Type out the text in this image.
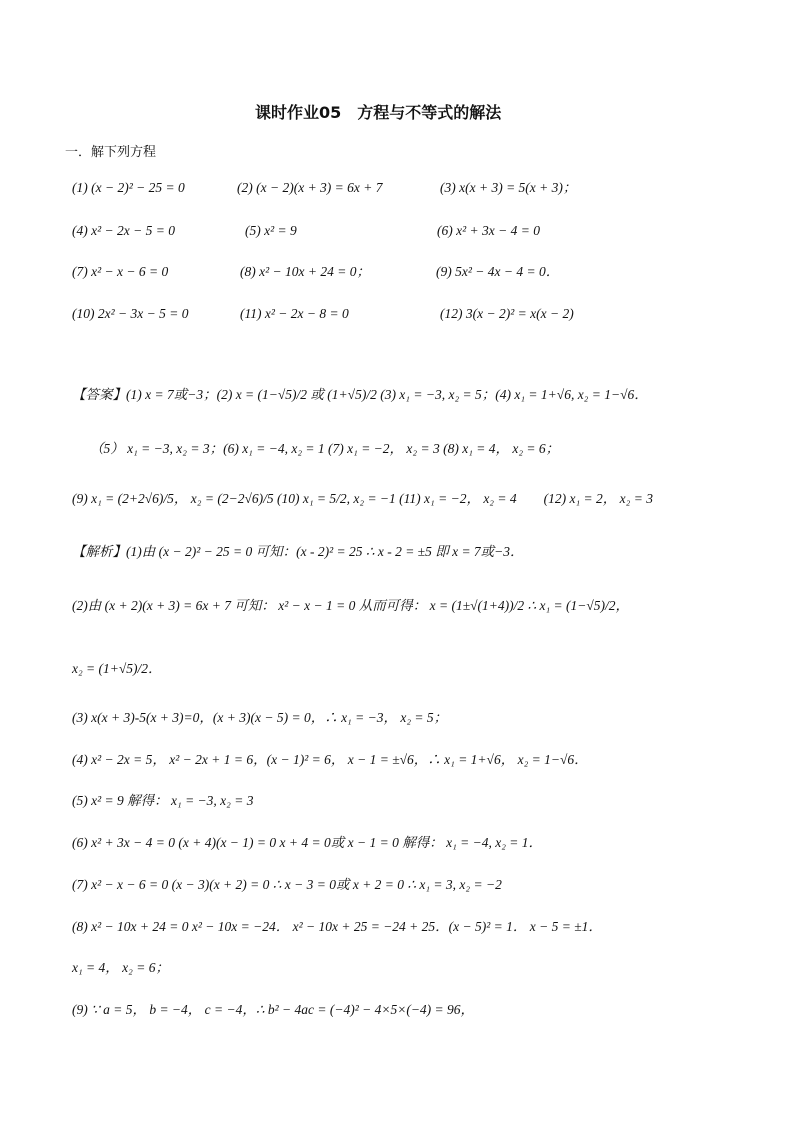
课时作业05　方程与不等式的解法
一．解下列方程
(1) (x − 2)² − 25 = 0	(2) (x − 2)(x + 3) = 6x + 7	(3) x(x + 3) = 5(x + 3)；
(4) x² − 2x − 5 = 0	(5) x² = 9	(6) x² + 3x − 4 = 0
(7) x² − x − 6 = 0	(8) x² − 10x + 24 = 0；	(9) 5x² − 4x − 4 = 0．
(10) 2x² − 3x − 5 = 0	(11) x² − 2x − 8 = 0	(12) 3(x − 2)² = x(x − 2)
【答案】(1) x = 7或−3；(2) x = (1−√5)/2 或 (1+√5)/2 (3) x₁ = −3, x₂ = 5；(4) x₁ = 1+√6, x₂ = 1−√6．
（5） x₁ = −3, x₂ = 3；(6) x₁ = −4, x₂ = 1 (7) x₁ = −2， x₂ = 3 (8) x₁ = 4， x₂ = 6；
(9) x₁ = (2+2√6)/5， x₂ = (2−2√6)/5 (10) x₁ = 5/2, x₂ = −1 (11) x₁ = −2， x₂ = 4　　(12) x₁ = 2， x₂ = 3
【解析】(1)由 (x − 2)² − 25 = 0 可知：(x - 2)² = 25 ∴ x - 2 = ±5 即 x = 7或−3．
(2)由 (x + 2)(x + 3) = 6x + 7 可知： x² − x − 1 = 0 从而可得： x = (1±√(1+4))/2 ∴ x₁ = (1−√5)/2，
x₂ = (1+√5)/2．
(3) x(x + 3)-5(x + 3)=0，(x + 3)(x − 5) = 0，∴ x₁ = −3， x₂ = 5；
(4) x² − 2x = 5， x² − 2x + 1 = 6，(x − 1)² = 6， x − 1 = ±√6，∴ x₁ = 1+√6， x₂ = 1−√6．
(5) x² = 9 解得： x₁ = −3, x₂ = 3
(6) x² + 3x − 4 = 0 (x + 4)(x − 1) = 0 x + 4 = 0或 x − 1 = 0 解得： x₁ = −4, x₂ = 1．
(7) x² − x − 6 = 0 (x − 3)(x + 2) = 0 ∴ x − 3 = 0或 x + 2 = 0 ∴ x₁ = 3, x₂ = −2
(8) x² − 10x + 24 = 0 x² − 10x = −24． x² − 10x + 25 = −24 + 25．(x − 5)² = 1． x − 5 = ±1．
x₁ = 4， x₂ = 6；
(9) ∵ a = 5， b = −4， c = −4，∴ b² − 4ac = (−4)² − 4×5×(−4) = 96，
